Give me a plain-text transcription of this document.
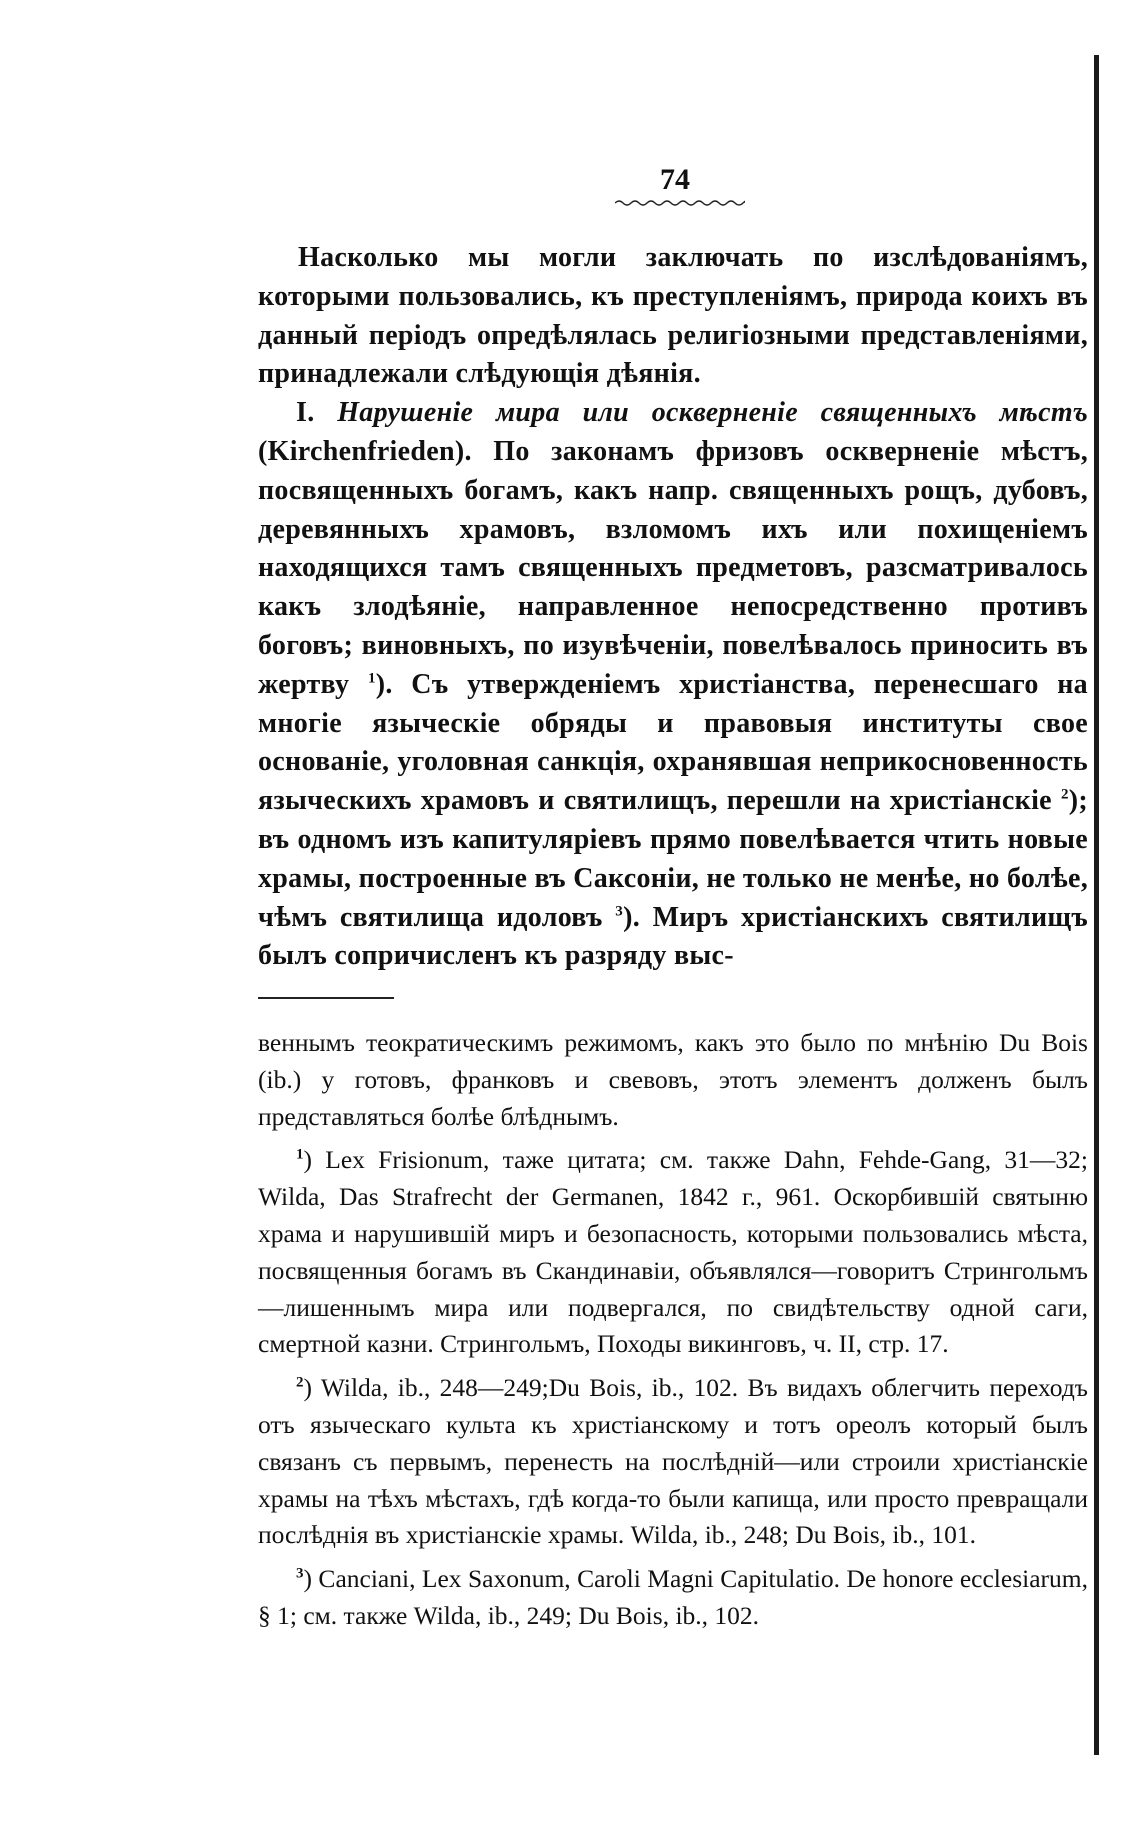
74

Насколько мы могли заключать по изслѣдованіямъ, которыми пользовались, къ преступленіямъ, природа коихъ въ данный періодъ опредѣлялась религіозными представленіями, принадлежали слѣдующія дѣянія.

I. Нарушеніе мира или оскверненіе священныхъ мѣстъ (Kirchenfrieden). По законамъ фризовъ оскверненіе мѣстъ, посвященныхъ богамъ, какъ напр. священныхъ рощъ, дубовъ, деревянныхъ храмовъ, взломомъ ихъ или похищеніемъ находящихся тамъ священныхъ предметовъ, разсматривалось какъ злодѣяніе, направленное непосредственно противъ боговъ; виновныхъ, по изувѣченіи, повелѣвалось приносить въ жертву $^1$). Съ утвержденіемъ христіанства, перенесшаго на многіе языческіе обряды и правовыя институты свое основаніе, уголовная санкція, охранявшая неприкосновенность языческихъ храмовъ и святилищъ, перешли на христіанскіе $^2$); въ одномъ изъ капитуляріевъ прямо повелѣвается чтить новые храмы, построенные въ Саксоніи, не только не менѣе, но болѣе, чѣмъ святилища идоловъ $^3$). Миръ христіанскихъ святилищъ былъ сопричисленъ къ разряду выс-

веннымъ теократическимъ режимомъ, какъ это было по мнѣнію Du Bois (ib.) у готовъ, франковъ и свевовъ, этотъ элементъ долженъ былъ представляться болѣе блѣднымъ.

$^1$) Lex Frisionum, таже цитата; см. также Dahn, Fehde-Gang, 31—32; Wilda, Das Strafrecht der Germanen, 1842 г., 961. Оскорбившій святыню храма и нарушившій миръ и безопасность, которыми пользовались мѣста, посвященныя богамъ въ Скандинавіи, объявлялся—говоритъ Стрингольмъ—лишеннымъ мира или подвергался, по свидѣтельству одной саги, смертной казни. Стрингольмъ, Походы викинговъ, ч. II, стр. 17.

$^2$) Wilda, ib., 248—249;Du Bois, ib., 102. Въ видахъ облегчить переходъ отъ языческаго культа къ христіанскому и тотъ ореолъ который былъ связанъ съ первымъ, перенесть на послѣдній—или строили христіанскіе храмы на тѣхъ мѣстахъ, гдѣ когда-то были капища, или просто превращали послѣднія въ христіанскіе храмы. Wilda, ib., 248; Du Bois, ib., 101.

$^3$) Canciani, Lex Saxonum, Caroli Magni Capitulatio. De honore ecclesiarum, § 1; см. также Wilda, ib., 249; Du Bois, ib., 102.
